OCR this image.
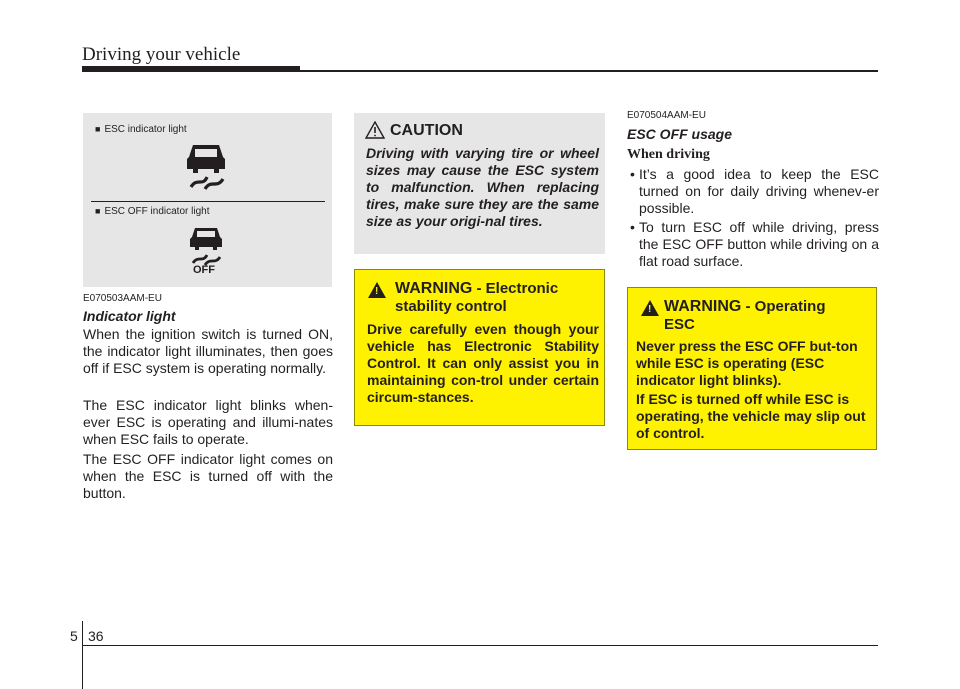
Driving your vehicle
■ ESC indicator light
■ ESC OFF indicator light
OFF
E070503AAM-EU
Indicator light
When the ignition switch is turned ON, the indicator light illuminates, then goes off if ESC system is operating normally.
The ESC indicator light blinks when-ever ESC is operating and illumi-nates when ESC fails to operate.
The ESC OFF indicator light comes on when the ESC is turned off with the button.
CAUTION
Driving with varying tire or wheel sizes may cause the ESC system to malfunction. When replacing tires, make sure they are the same size as your origi-nal tires.
! WARNING - Electronic stability control
Drive carefully even though your vehicle has Electronic Stability Control. It can only assist you in maintaining con-trol under certain circum-stances.
E070504AAM-EU
ESC OFF usage
When driving
• It’s a good idea to keep the ESC turned on for daily driving whenev-er possible.
• To turn ESC off while driving, press the ESC OFF button while driving on a flat road surface.
! WARNING - Operating ESC
Never press the ESC OFF but-ton while ESC is operating (ESC indicator light blinks).
If ESC is turned off while ESC is operating, the vehicle may slip out of control.
5 36
